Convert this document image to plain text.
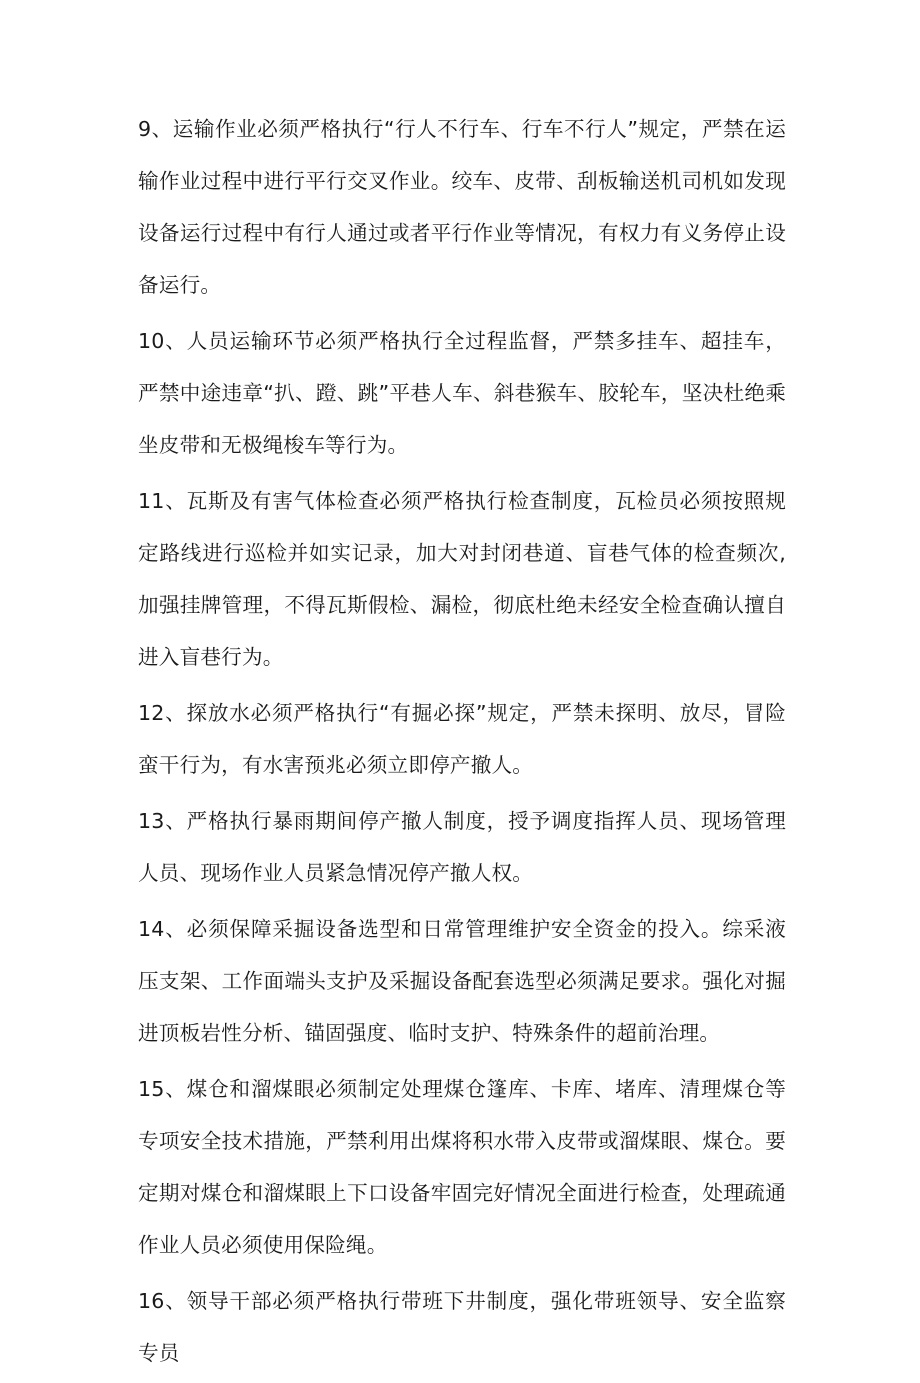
9、运输作业必须严格执行“行人不行车、行车不行人”规定，严禁在运输作业过程中进行平行交叉作业。绞车、皮带、刮板输送机司机如发现设备运行过程中有行人通过或者平行作业等情况，有权力有义务停止设备运行。

10、人员运输环节必须严格执行全过程监督，严禁多挂车、超挂车，严禁中途违章“扒、蹬、跳”平巷人车、斜巷猴车、胶轮车，坚决杜绝乘坐皮带和无极绳梭车等行为。

11、瓦斯及有害气体检查必须严格执行检查制度，瓦检员必须按照规定路线进行巡检并如实记录，加大对封闭巷道、盲巷气体的检查频次,加强挂牌管理，不得瓦斯假检、漏检，彻底杜绝未经安全检查确认擅自进入盲巷行为。

12、探放水必须严格执行“有掘必探”规定，严禁未探明、放尽，冒险蛮干行为，有水害预兆必须立即停产撤人。

13、严格执行暴雨期间停产撤人制度，授予调度指挥人员、现场管理人员、现场作业人员紧急情况停产撤人权。

14、必须保障采掘设备选型和日常管理维护安全资金的投入。综采液压支架、工作面端头支护及采掘设备配套选型必须满足要求。强化对掘进顶板岩性分析、锚固强度、临时支护、特殊条件的超前治理。

15、煤仓和溜煤眼必须制定处理煤仓篷库、卡库、堵库、清理煤仓等专项安全技术措施，严禁利用出煤将积水带入皮带或溜煤眼、煤仓。要定期对煤仓和溜煤眼上下口设备牢固完好情况全面进行检查，处理疏通作业人员必须使用保险绳。

16、领导干部必须严格执行带班下井制度，强化带班领导、安全监察专员
